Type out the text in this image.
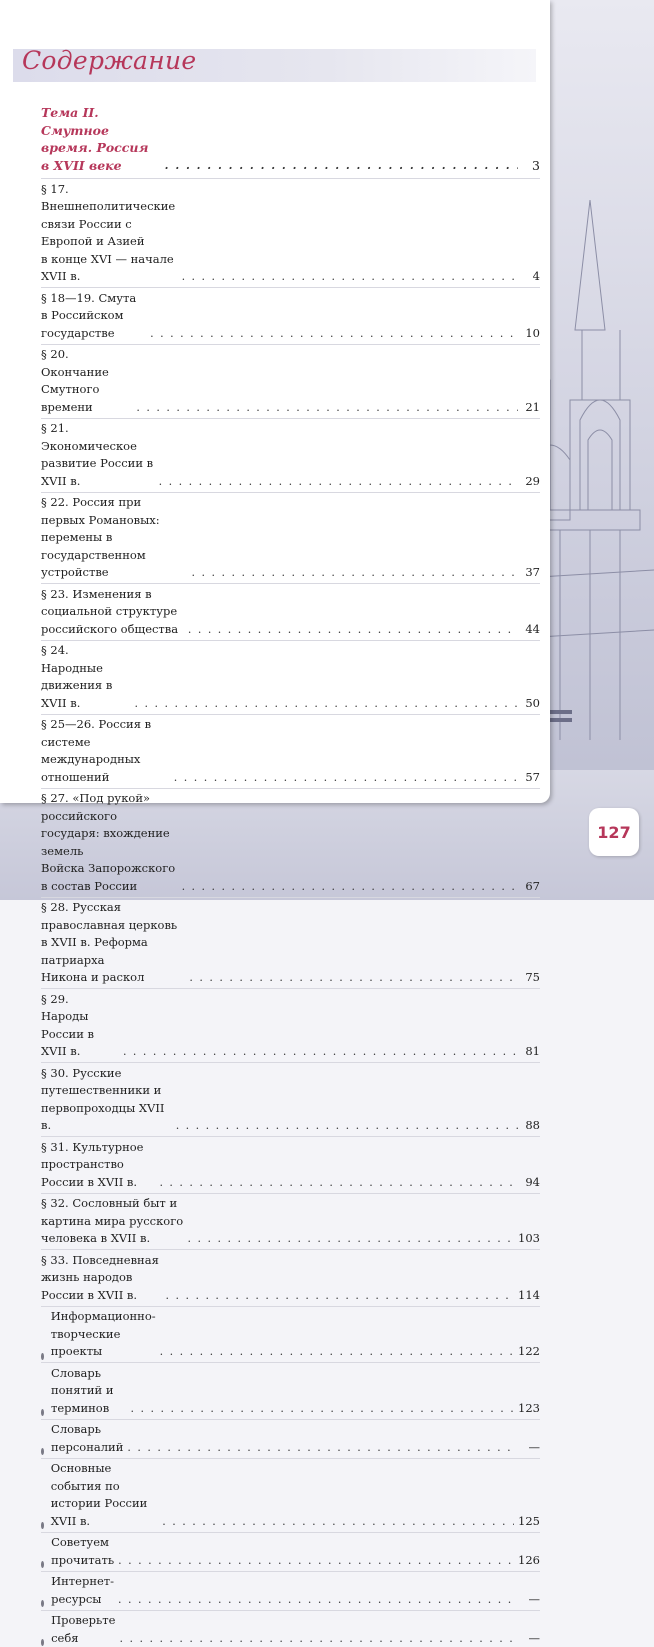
Содержание
Тема II. Смутное время. Россия в XVII веке . . .	3
§ 17. Внешнеполитические связи России с Европой и Азией
в конце XVI — начале XVII в. . . .	4
§ 18—19. Смута в Российском государстве . . .	10
§ 20. Окончание Смутного времени . . .	21
§ 21. Экономическое развитие России в XVII в. . . .	29
§ 22. Россия при первых Романовых: перемены в государственном
устройстве . . .	37
§ 23. Изменения в социальной структуре российского общества . . .	44
§ 24. Народные движения в XVII в. . . .	50
§ 25—26. Россия в системе международных отношений . . .	57
§ 27. «Под рукой» российского государя: вхождение земель
Войска Запорожского в состав России . . .	67
§ 28. Русская православная церковь в XVII в. Реформа патриарха
Никона и раскол . . .	75
§ 29. Народы России в XVII в. . . .	81
§ 30. Русские путешественники и первопроходцы XVII в. . . .	88
§ 31. Культурное пространство России в XVII в. . . .	94
§ 32. Сословный быт и картина мира русского человека в XVII в. . . .	103
§ 33. Повседневная жизнь народов России в XVII в. . . .	114
Информационно-творческие проекты . . .	122
Словарь понятий и терминов . . .	123
Словарь персоналий . . .	—
Основные события по истории России XVII в. . . .	125
Советуем прочитать . . .	126
Интернет-ресурсы . . .	—
Проверьте себя . . .	—
127
